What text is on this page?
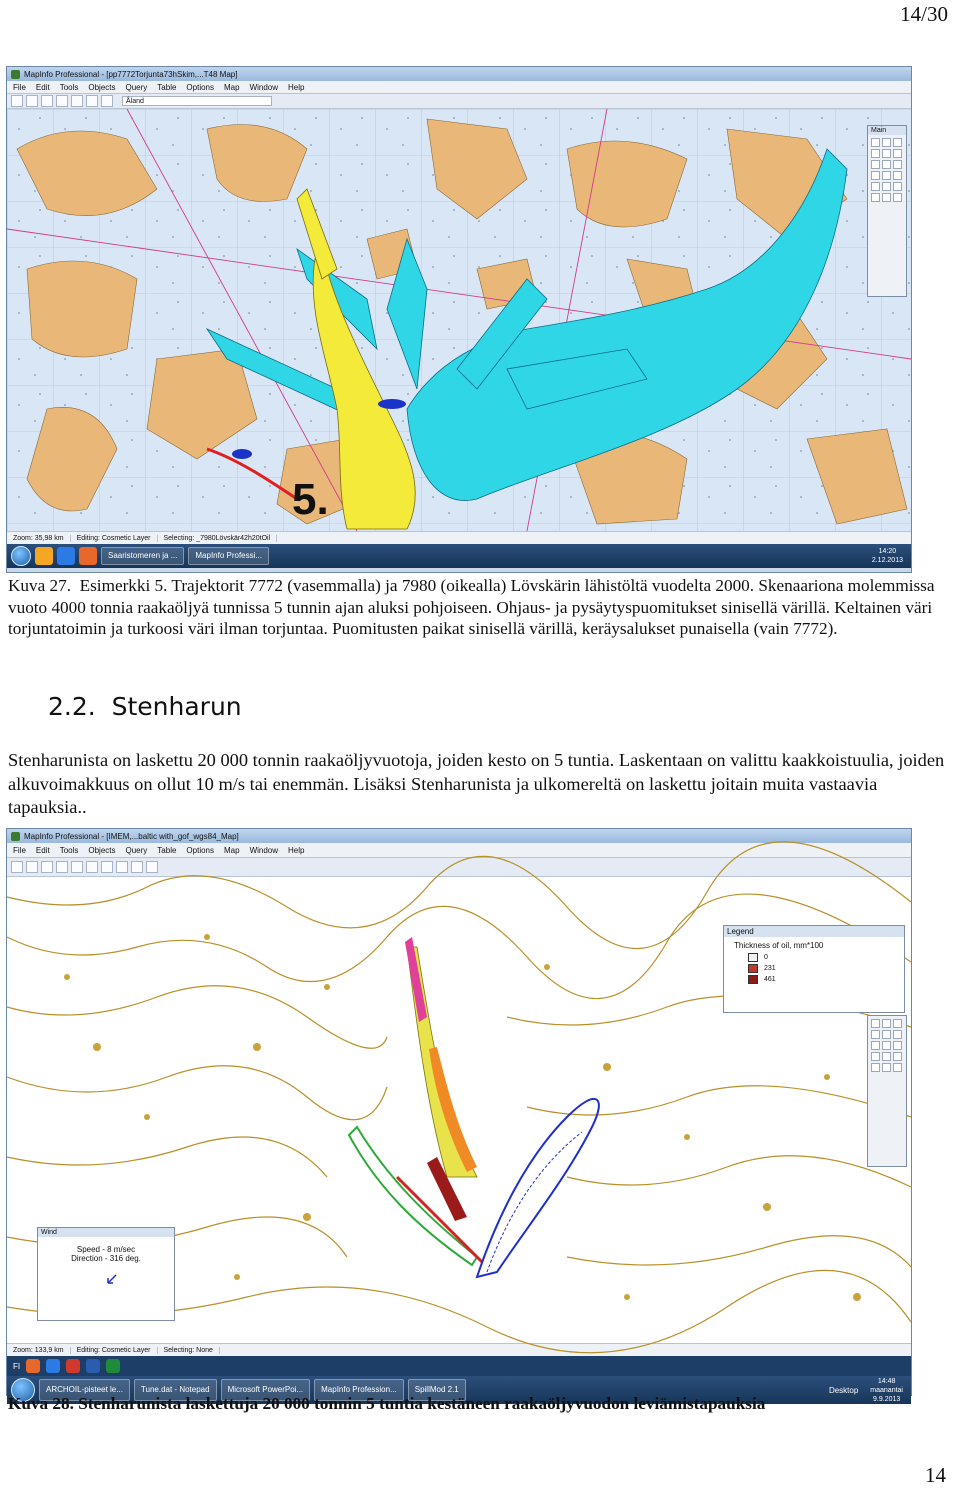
14/30
MapInfo Professional - [pp7772Torjunta73hSkim,...T48 Map]
File Edit Tools Objects Query Table Options Map Window Help
Åland
5.
Main
Zoom: 35,98 km	Editing: Cosmetic Layer	Selecting: _7980Lövskär42h20tOil
Saaristomeren ja ...	MapInfo Professi...	14:20
2.12.2013
Kuva 27. Esimerkki 5. Trajektorit 7772 (vasemmalla) ja 7980 (oikealla) Lövskärin lähistöltä vuodelta 2000. Skenaariona molemmissa vuoto 4000 tonnia raakaöljyä tunnissa 5 tunnin ajan aluksi pohjoiseen. Ohjaus- ja pysäytyspuomitukset sinisellä värillä. Keltainen väri torjuntatoimin ja turkoosi väri ilman torjuntaa. Puomitusten paikat sinisellä värillä, keräysalukset punaisella (vain 7772).
2.2. Stenharun

Stenharunista on laskettu 20 000 tonnin raakaöljyvuotoja, joiden kesto on 5 tuntia. Laskentaan on valittu kaakkoistuulia, joiden alkuvoimakkuus on ollut 10 m/s tai enemmän. Lisäksi Stenharunista ja ulkomereltä on laskettu joitain muita vastaavia tapauksia..

MapInfo Professional - [IMEM,...baltic with_gof_wgs84_Map]
File Edit Tools Objects Query Table Options Map Window Help
Legend
Thickness of oil, mm*100
0
231
461
Wind
Speed - 8 m/sec
Direction - 316 deg.
Zoom: 133,9 km	Editing: Cosmetic Layer	Selecting: None
FI
ARCHOIL-pisteet le...	Tune.dat - Notepad	Microsoft PowerPoi...	MapInfo Profession...	SpillMod 2.1	Desktop
14:48
maanantai
9.9.2013
Kuva 28. Stenharunista laskettuja 20 000 tonnin 5 tuntia kestäneen raakaöljyvuodon leviämistapauksia
14
